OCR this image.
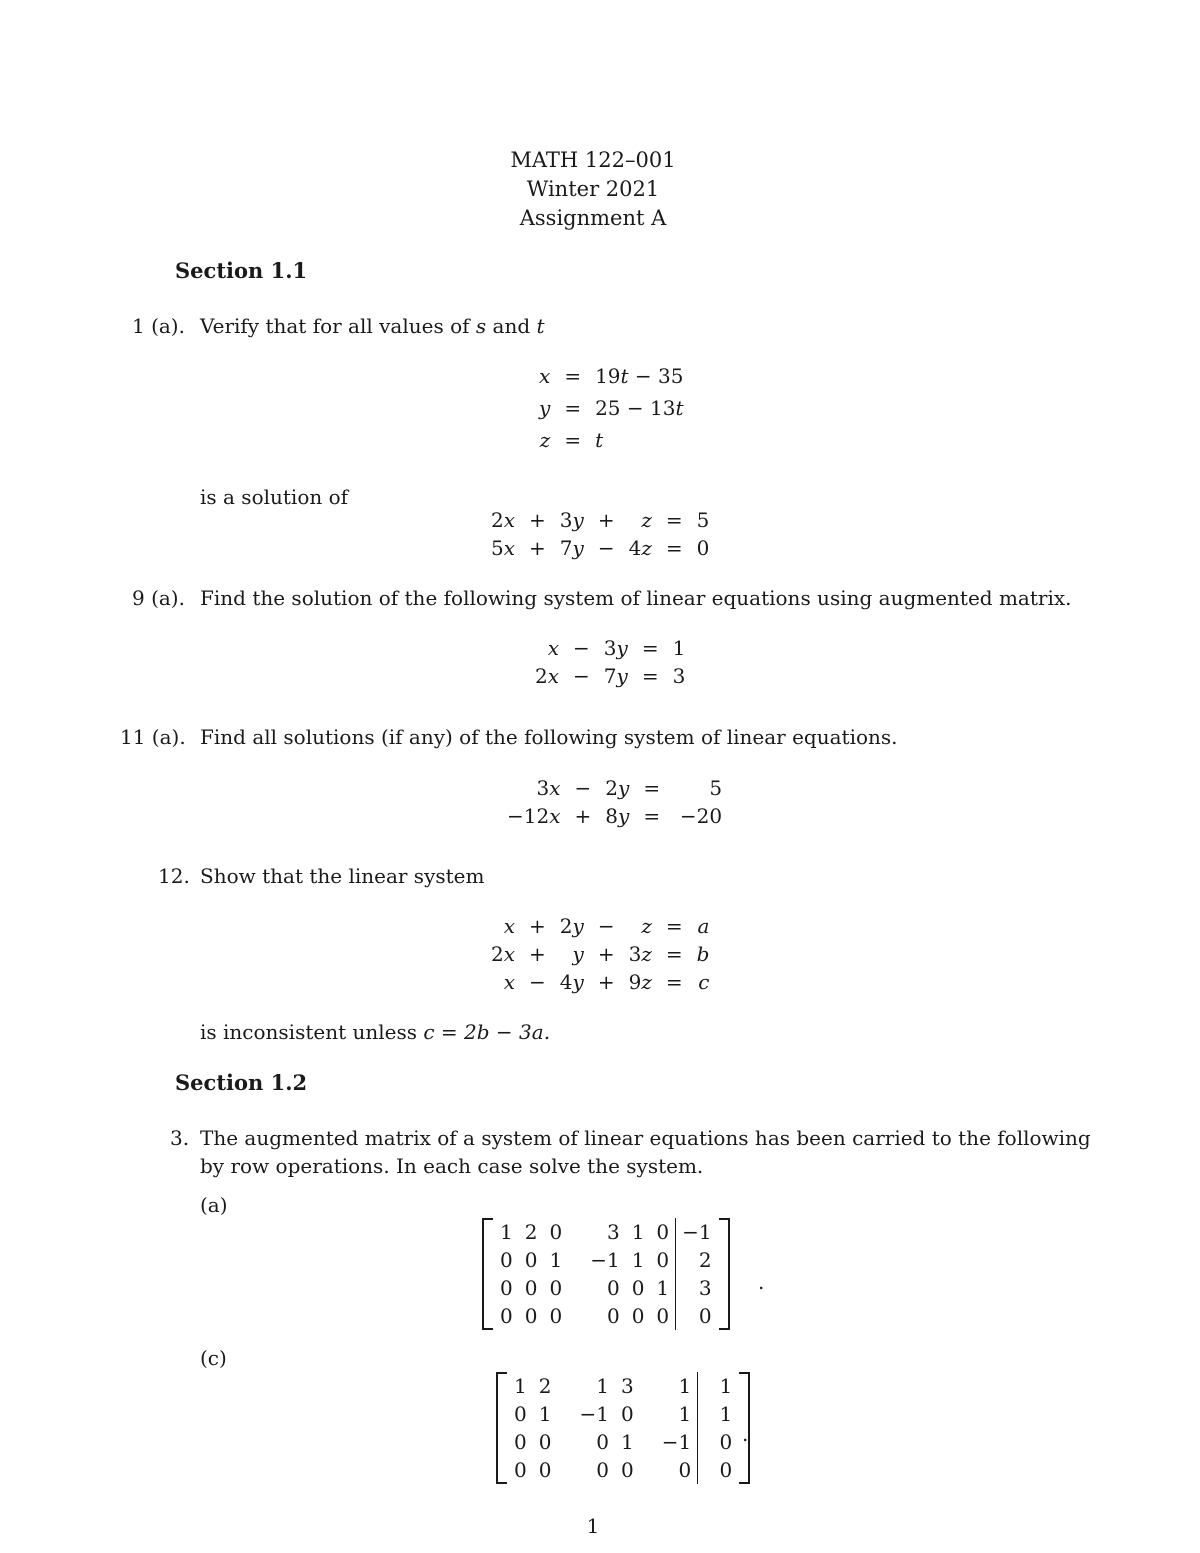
MATH 122–001
Winter 2021
Assignment A
Section 1.1
1 (a). Verify that for all values of s and t
x	=	19t − 35
y	=	25 − 13t
z	=	t
is a solution of
2x	+	3y	+	z	=	5
5x	+	7y	−	4z	=	0
9 (a). Find the solution of the following system of linear equations using augmented matrix.
x	−	3y	=	1
2x	−	7y	=	3
11 (a). Find all solutions (if any) of the following system of linear equations.
3x	−	2y	=	5
−12x	+	8y	=	−20
12. Show that the linear system
x	+	2y	−	z	=	a
2x	+	y	+	3z	=	b
x	−	4y	+	9z	=	c
is inconsistent unless c = 2b − 3a.
Section 1.2
3. The augmented matrix of a system of linear equations has been carried to the following
by row operations. In each case solve the system.
(a)
1	2	0	3	1	0	−1
0	0	1	−1	1	0	2
0	0	0	0	0	1	3
0	0	0	0	0	0	0
.
(c)
1	2	1	3	1	1
0	1	−1	0	1	1
0	0	0	1	−1	0
0	0	0	0	0	0
.
1
